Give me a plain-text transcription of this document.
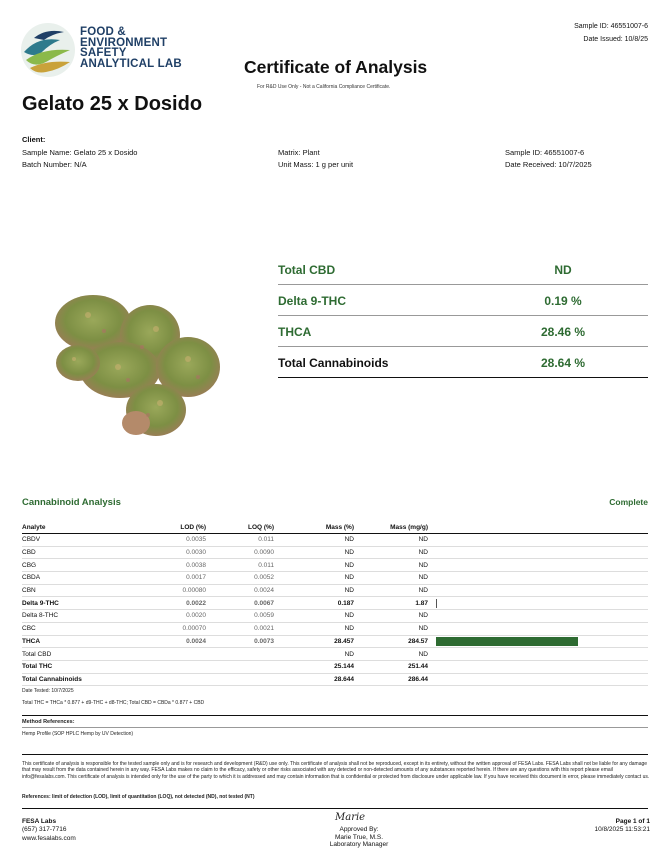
FOOD &
ENVIRONMENT
SAFETY
ANALYTICAL LAB	Certificate of Analysis
For R&D Use Only - Not a California Compliance Certificate.
Sample ID: 46551007-6
Date Issued: 10/8/25
Gelato 25 x Dosido
Client:
Sample Name: Gelato 25 x Dosido
Batch Number: N/A
Matrix: Plant
Unit Mass: 1 g per unit
Sample ID: 46551007-6
Date Received: 10/7/2025
Total CBD	ND
Delta 9-THC	0.19 %
THCA	28.46 %
Total Cannabinoids	28.64 %
Cannabinoid Analysis	Complete
Analyte	LOD (%)	LOQ (%)	Mass (%)	Mass (mg/g)	
CBDV	0.0035	0.011	ND	ND	
CBD	0.0030	0.0090	ND	ND	
CBG	0.0038	0.011	ND	ND	
CBDA	0.0017	0.0052	ND	ND	
CBN	0.00080	0.0024	ND	ND	
Delta 9-THC	0.0022	0.0067	0.187	1.87	

Delta 8-THC	0.0020	0.0059	ND	ND	
CBC	0.00070	0.0021	ND	ND	
THCA	0.0024	0.0073	28.457	284.57	

Total CBD			ND	ND	
Total THC			25.144	251.44	
Total Cannabinoids			28.644	286.44	
Date Tested: 10/7/2025
Total THC = THCa * 0.877 + d9-THC + d8-THC; Total CBD = CBDa * 0.877 + CBD
Method References:
Hemp Profile (SOP HPLC Hemp by UV Detection)
This certificate of analysis is responsible for the tested sample only and is for research and development (R&D) use only. This certificate of analysis shall not be reproduced, except in its entirety, without the written approval of FESA Labs. FESA Labs shall not be liable for any damage that may result from the data contained herein in any way. FESA Labs makes no claim to the efficacy, safety or other risks associated with any detected or non-detected amounts of any substances reported herein. If there are any questions with this report please email info@fesalabs.com. This certificate of analysis is intended only for the use of the party to which it is addressed and may contain information that is confidential or protected from disclosure under applicable law. If you have received this document in error, please immediately contact us.
References: limit of detection (LOD), limit of quantitation (LOQ), not detected (ND), not tested (NT)
FESA Labs
(657) 317-7716
www.fesalabs.com
Marie
Approved By:
Marie True, M.S.
Laboratory Manager
Page 1 of 1
10/8/2025 11:53:21
